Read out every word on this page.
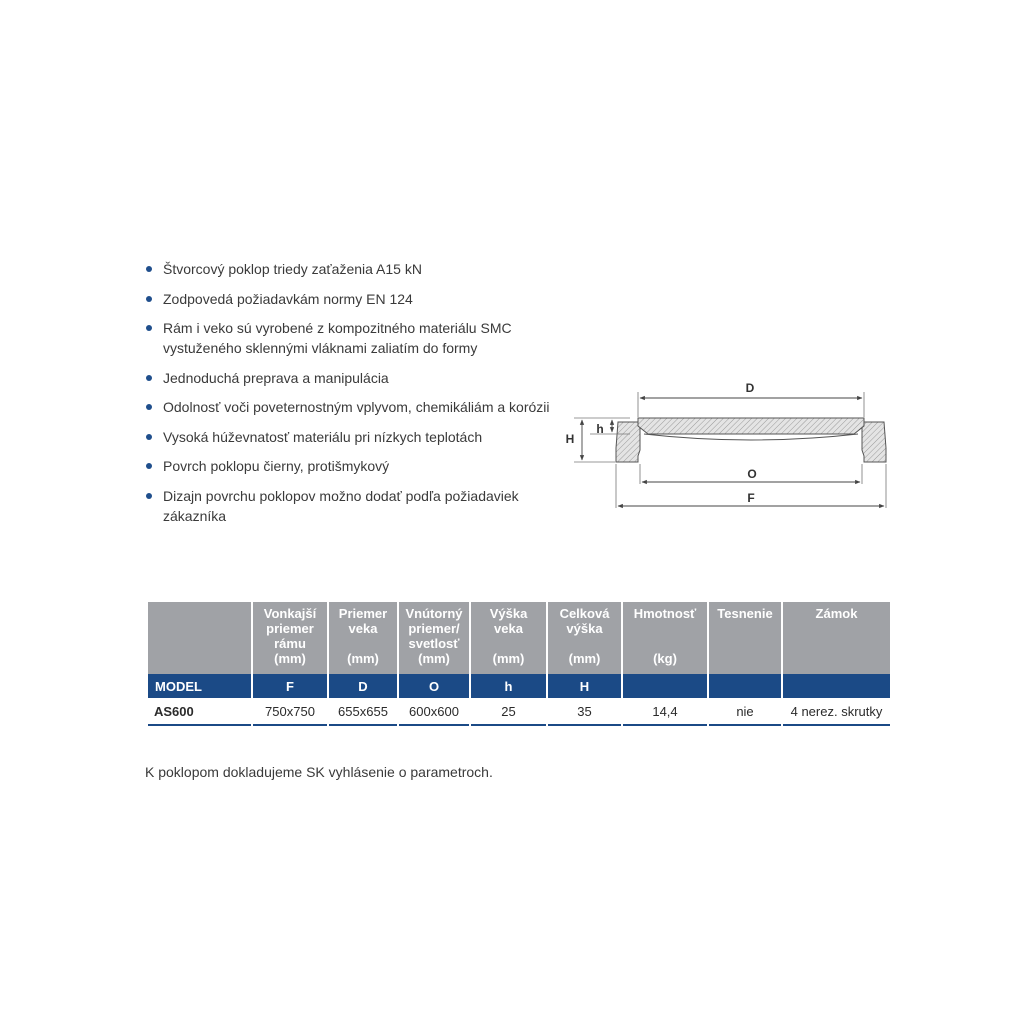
Štvorcový poklop triedy zaťaženia A15 kN
Zodpovedá požiadavkám normy EN 124
Rám i veko sú vyrobené z kompozitného materiálu SMC vystuženého sklennými vláknami zaliatím do formy
Jednoduchá preprava a manipulácia
Odolnosť voči poveternostným vplyvom, chemikáliám a korózii
Vysoká húževnatosť materiálu pri nízkych teplotách
Povrch poklopu čierny, protišmykový
Dizajn povrchu poklopov možno dodať podľa požiadaviek zákazníka
D
O
F
H
h

	Vonkajší
priemer
rámu
(mm)	Priemer
veka
(mm)	Vnútorný
priemer/
svetlosť
(mm)	Výška
veka
(mm)	Celková
výška
(mm)	Hmotnosť
(kg)	Tesnenie	Zámok

MODEL	F	D	O	h	H			
AS600	750x750	655x655	600x600	25	35	14,4	nie	4 nerez. skrutky
K poklopom dokladujeme SK vyhlásenie o parametroch.
